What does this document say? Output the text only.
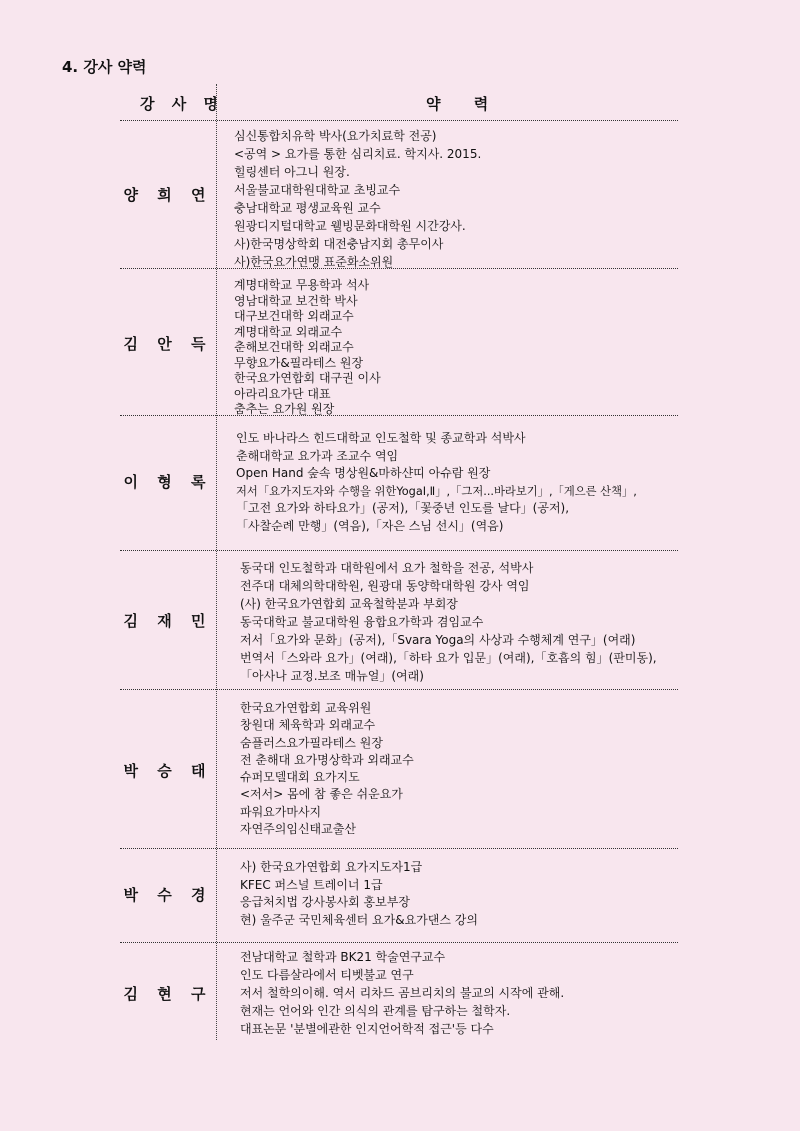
4. 강사 약력
강 사 명	약 력
양 희 연
심신통합치유학 박사(요가치료학 전공)
<공역 > 요가를 통한 심리치료. 학지사. 2015.
힐링센터 아그니 원장.
서울불교대학원대학교 초빙교수
충남대학교 평생교육원 교수
원광디지털대학교 웰빙문화대학원 시간강사.
사)한국명상학회 대전충남지회 총무이사
사)한국요가연맹 표준화소위원
김 안 득
계명대학교 무용학과 석사
영남대학교 보건학 박사
대구보건대학 외래교수
계명대학교 외래교수
춘해보건대학 외래교수
무향요가&필라테스 원장
한국요가연합회 대구권 이사
아라리요가단 대표
춤추는 요가원 원장
이 형 록
인도 바나라스 힌드대학교 인도철학 및 종교학과 석박사
춘해대학교 요가과 조교수 역임
Open Hand 숲속 명상원&마하샨띠 아슈람 원장
저서「요가지도자와 수행을 위한YogaⅠ,Ⅱ」,「그저...바라보기」,「게으른 산책」,
「고전 요가와 하타요가」(공저),「꽃중년 인도를 날다」(공저),
「사찰순례 만행」(역음),「자은 스님 선시」(역음)
김 재 민
동국대 인도철학과 대학원에서 요가 철학을 전공, 석박사
전주대 대체의학대학원, 원광대 동양학대학원 강사 역임
(사) 한국요가연합회 교육철학분과 부회장
동국대학교 불교대학원 융합요가학과 겸임교수
저서「요가와 문화」(공저),「Svara Yoga의 사상과 수행체계 연구」(여래)
번역서「스와라 요가」(여래),「하타 요가 입문」(여래),「호흡의 힘」(판미동),
「아사나 교정.보조 매뉴얼」(여래)
박 승 태
한국요가연합회 교육위원
창원대 체육학과 외래교수
숨플러스요가필라테스 원장
전 춘해대 요가명상학과 외래교수
슈퍼모델대회 요가지도
<저서> 몸에 참 좋은 쉬운요가
파워요가마사지
자연주의임신태교출산
박 수 경
사) 한국요가연합회 요가지도자1급
KFEC 퍼스널 트레이너 1급
응급처치법 강사봉사회 홍보부장
현) 울주군 국민체육센터 요가&요가댄스 강의
김 현 구
전남대학교 철학과 BK21 학술연구교수
인도 다름살라에서 티벳불교 연구
저서 철학의이해. 역서 리차드 곰브리치의 불교의 시작에 관해.
현재는 언어와 인간 의식의 관계를 탐구하는 철학자.
대표논문 '분별에관한 인지언어학적 접근'등 다수
